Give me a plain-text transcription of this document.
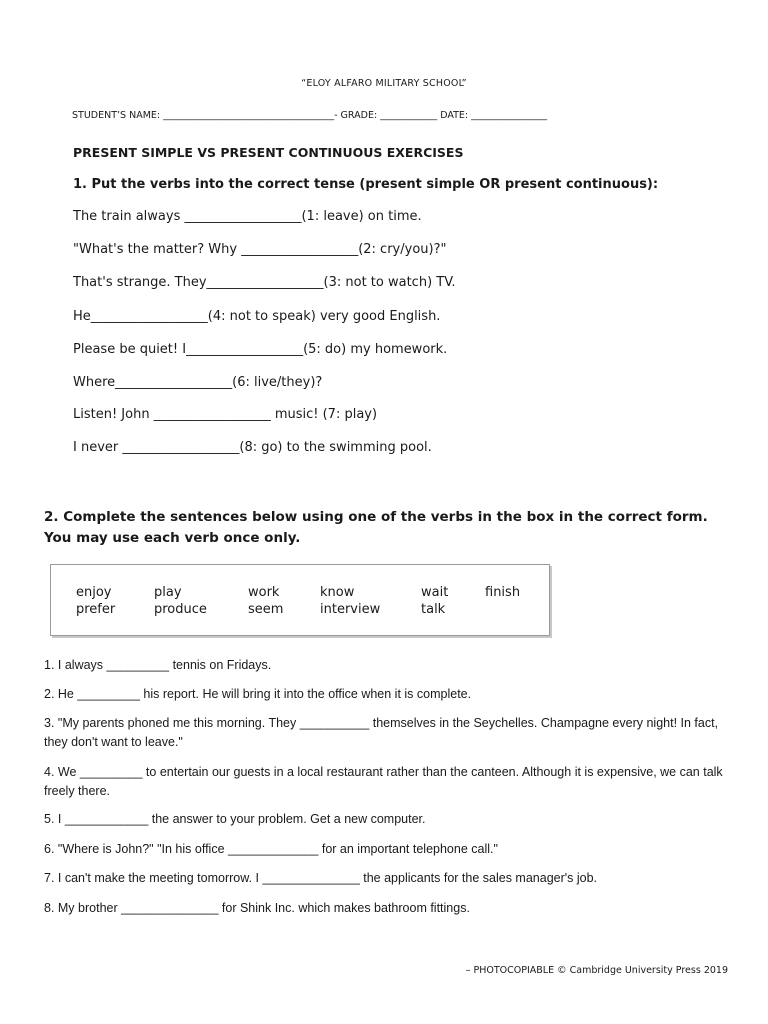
“ELOY ALFARO MILITARY SCHOOL”
STUDENT’S NAME: ____________________________________- GRADE: ____________ DATE: ________________
PRESENT SIMPLE VS PRESENT CONTINUOUS EXERCISES
1. Put the verbs into the correct tense (present simple OR present continuous):
The train always __________________(1: leave) on time.
"What's the matter? Why __________________(2: cry/you)?"
That's strange. They__________________(3: not to watch) TV.
He__________________(4: not to speak) very good English.
Please be quiet! I__________________(5: do) my homework.
Where__________________(6: live/they)?
Listen! John __________________ music! (7: play)
I never __________________(8: go) to the swimming pool.
2. Complete the sentences below using one of the verbs in the box in the correct form. You may use each verb once only.
enjoy	play	work	know	wait	finish
prefer	produce	seem	interview	talk
1. I always _________ tennis on Fridays.
2. He _________ his report. He will bring it into the office when it is complete.
3. "My parents phoned me this morning. They __________ themselves in the Seychelles. Champagne every night! In fact, they don't want to leave."
4. We _________ to entertain our guests in a local restaurant rather than the canteen. Although it is expensive, we can talk freely there.
5. I ____________ the answer to your problem. Get a new computer.
6. "Where is John?" "In his office _____________ for an important telephone call."
7. I can't make the meeting tomorrow. I ______________ the applicants for the sales manager's job.
8. My brother ______________ for Shink Inc. which makes bathroom fittings.
– PHOTOCOPIABLE © Cambridge University Press 2019
